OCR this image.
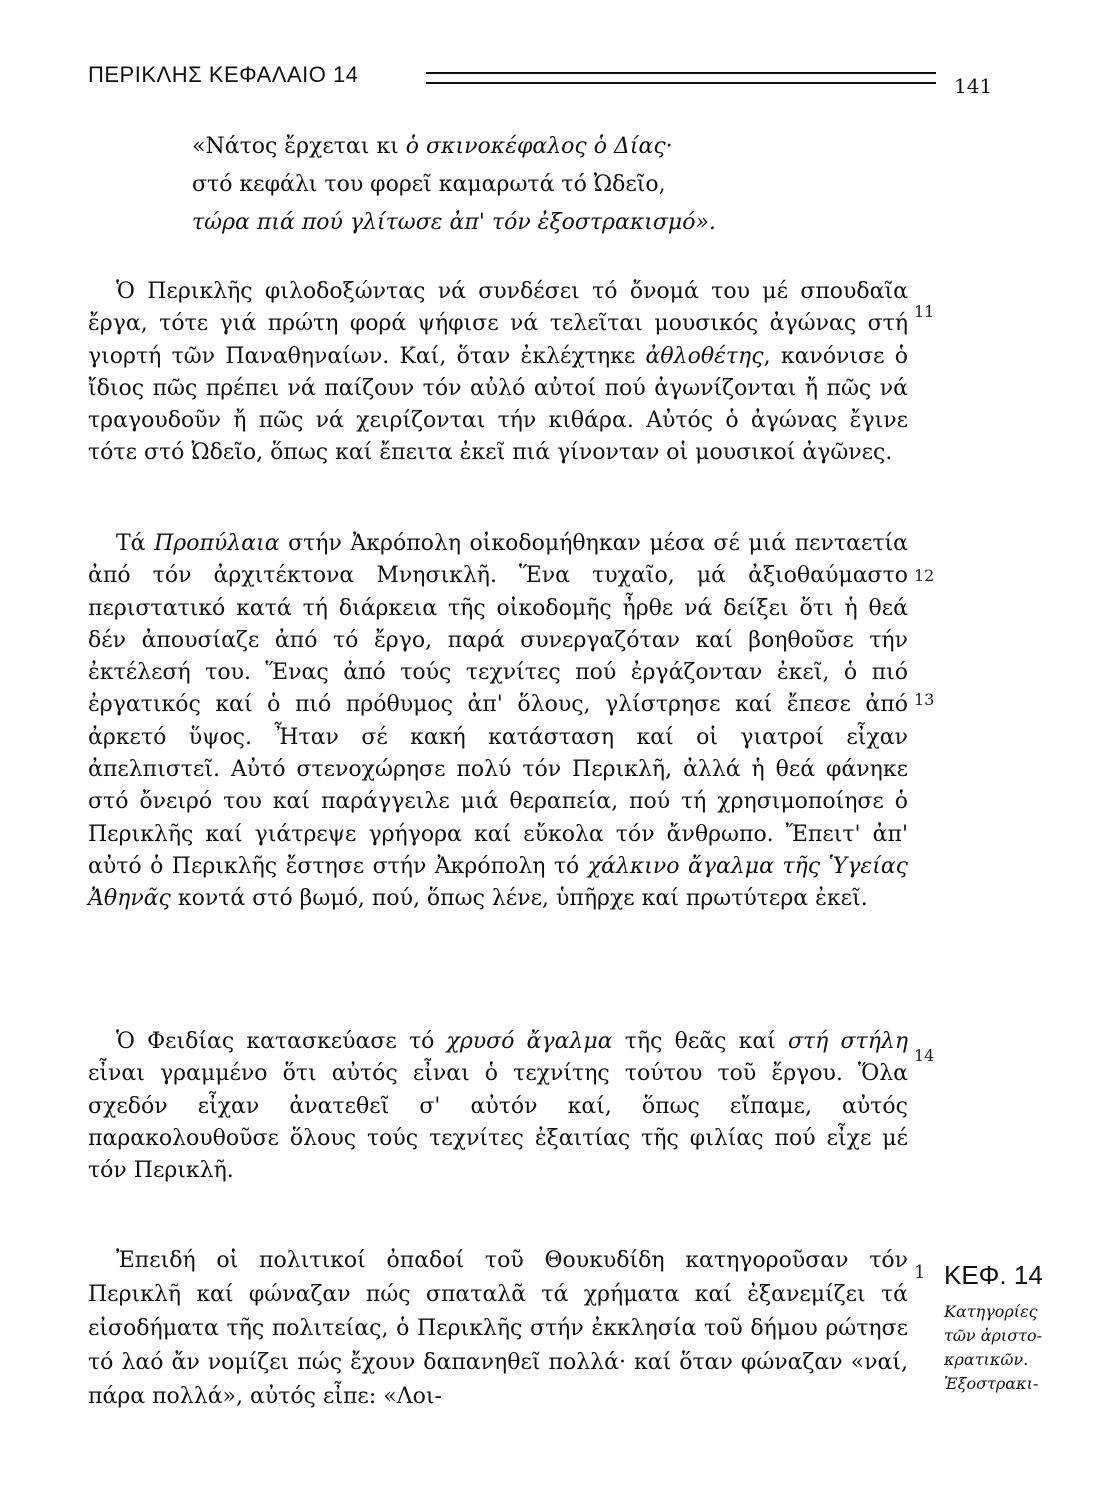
ΠΕΡΙΚΛΗΣ ΚΕΦΑΛΑΙΟ 14	141
«Νάτος ἔρχεται κι ὁ σκινοκέφαλος ὁ Δίας·
στό κεφάλι του φορεῖ καμαρωτά τό Ὠδεῖο,
τώρα πιά πού γλίτωσε ἀπ' τόν ἐξοστρακισμό».

Ὁ Περικλῆς φιλοδοξώντας νά συνδέσει τό ὄνομά του μέ σπουδαῖα ἔργα, τότε γιά πρώτη φορά ψήφισε νά τελεῖται μουσικός ἀγώνας στή γιορτή τῶν Παναθηναίων. Καί, ὅταν ἐκλέχτηκε ἀθλοθέτης, κανόνισε ὁ ἴδιος πῶς πρέπει νά παίζουν τόν αὐλό αὐτοί πού ἀγωνίζονται ἤ πῶς νά τραγουδοῦν ἤ πῶς νά χειρίζονται τήν κιθάρα. Αὐτός ὁ ἀγώνας ἔγινε τότε στό Ὠδεῖο, ὅπως καί ἔπειτα ἐκεῖ πιά γίνονταν οἱ μουσικοί ἀγῶνες.

11

Τά Προπύλαια στήν Ἀκρόπολη οἰκοδομήθηκαν μέσα σέ μιά πενταετία ἀπό τόν ἀρχιτέκτονα Μνησικλῆ. Ἕνα τυχαῖο, μά ἀξιοθαύμαστο περιστατικό κατά τή διάρκεια τῆς οἰκοδομῆς ἦρθε νά δείξει ὅτι ἡ θεά δέν ἀπουσίαζε ἀπό τό ἔργο, παρά συνεργαζόταν καί βοηθοῦσε τήν ἐκτέλεσή του. Ἕνας ἀπό τούς τεχνίτες πού ἐργάζονταν ἐκεῖ, ὁ πιό ἐργατικός καί ὁ πιό πρόθυμος ἀπ' ὅλους, γλίστρησε καί ἔπεσε ἀπό ἀρκετό ὕψος. Ἦταν σέ κακή κατάσταση καί οἱ γιατροί εἶχαν ἀπελπιστεῖ. Αὐτό στενοχώρησε πολύ τόν Περικλῆ, ἀλλά ἡ θεά φάνηκε στό ὄνειρό του καί παράγγειλε μιά θεραπεία, πού τή χρησιμοποίησε ὁ Περικλῆς καί γιάτρεψε γρήγορα καί εὔκολα τόν ἄνθρωπο. Ἔπειτ' ἀπ' αὐτό ὁ Περικλῆς ἔστησε στήν Ἀκρόπολη τό χάλκινο ἄγαλμα τῆς Ὑγείας Ἀθηνᾶς κοντά στό βωμό, πού, ὅπως λένε, ὑπῆρχε καί πρωτύτερα ἐκεῖ.

12
13

Ὁ Φειδίας κατασκεύασε τό χρυσό ἄγαλμα τῆς θεᾶς καί στή στήλη εἶναι γραμμένο ὅτι αὐτός εἶναι ὁ τεχνίτης τούτου τοῦ ἔργου. Ὅλα σχεδόν εἶχαν ἀνατεθεῖ σ' αὐτόν καί, ὅπως εἴπαμε, αὐτός παρακολουθοῦσε ὅλους τούς τεχνίτες ἐξαιτίας τῆς φιλίας πού εἶχε μέ τόν Περικλῆ.

14

Ἐπειδή οἱ πολιτικοί ὀπαδοί τοῦ Θουκυδίδη κατηγοροῦσαν τόν Περικλῆ καί φώναζαν πώς σπαταλᾶ τά χρήματα καί ἐξανεμίζει τά εἰσοδήματα τῆς πολιτείας, ὁ Περικλῆς στήν ἐκκλησία τοῦ δήμου ρώτησε τό λαό ἄν νομίζει πώς ἔχουν δαπανηθεῖ πολλά· καί ὅταν φώναζαν «ναί, πάρα πολλά», αὐτός εἶπε: «Λοι-

1 ΚΕΦ. 14
Κατηγορίες
τῶν ἀριστο-
κρατικῶν.
Ἐξοστρακι-
